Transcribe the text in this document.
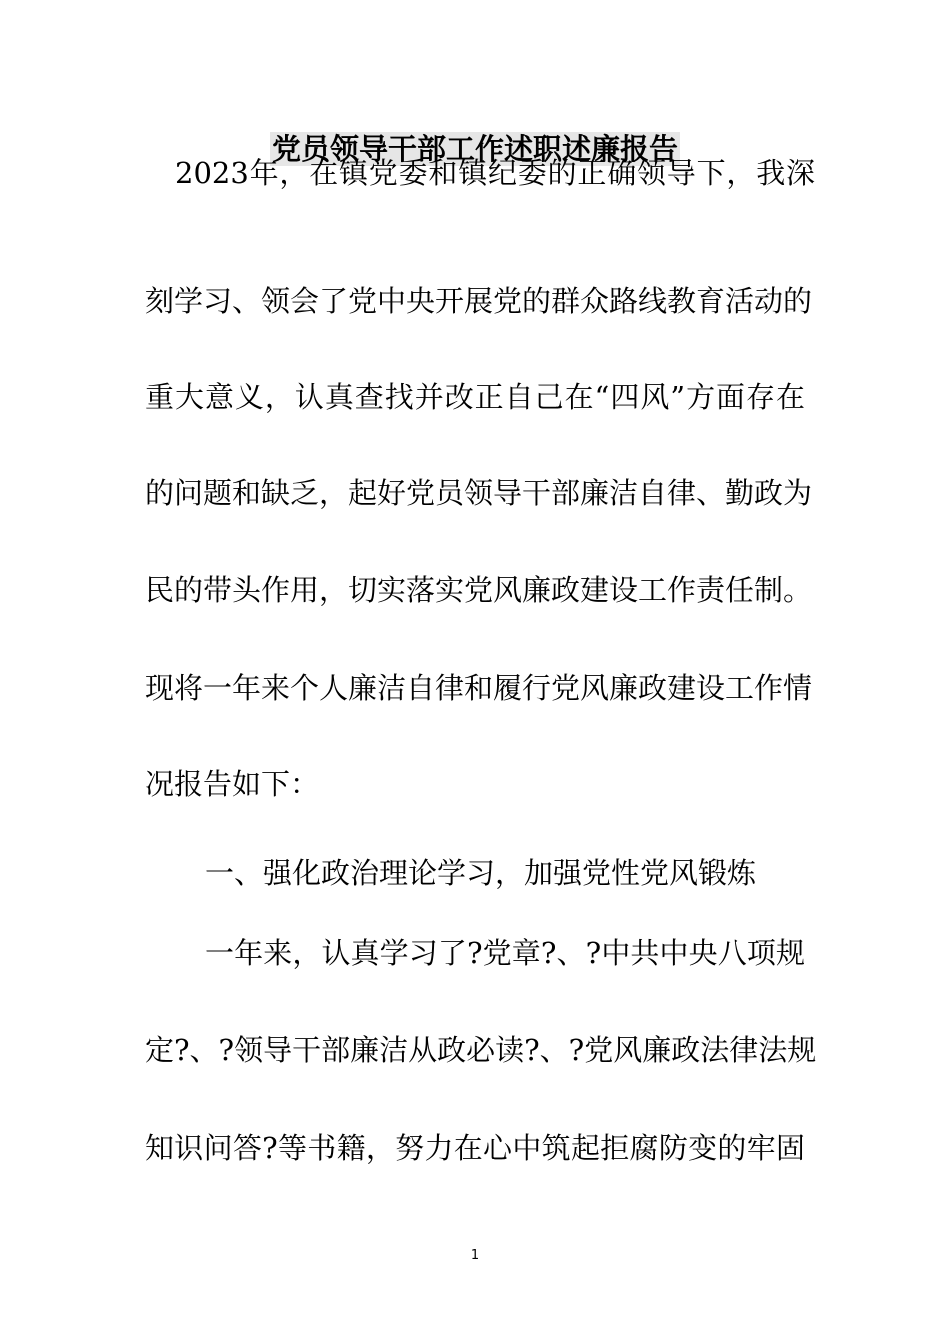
党员领导干部工作述职述廉报告

2023年，在镇党委和镇纪委的正确领导下，我深

刻学习、领会了党中央开展党的群众路线教育活动的

重大意义，认真查找并改正自己在“四风”方面存在

的问题和缺乏，起好党员领导干部廉洁自律、勤政为

民的带头作用，切实落实党风廉政建设工作责任制。

现将一年来个人廉洁自律和履行党风廉政建设工作情

况报告如下：

一、强化政治理论学习，加强党性党风锻炼

一年来，认真学习了?党章?、?中共中央八项规

定?、?领导干部廉洁从政必读?、?党风廉政法律法规

知识问答?等书籍，努力在心中筑起拒腐防变的牢固

1
